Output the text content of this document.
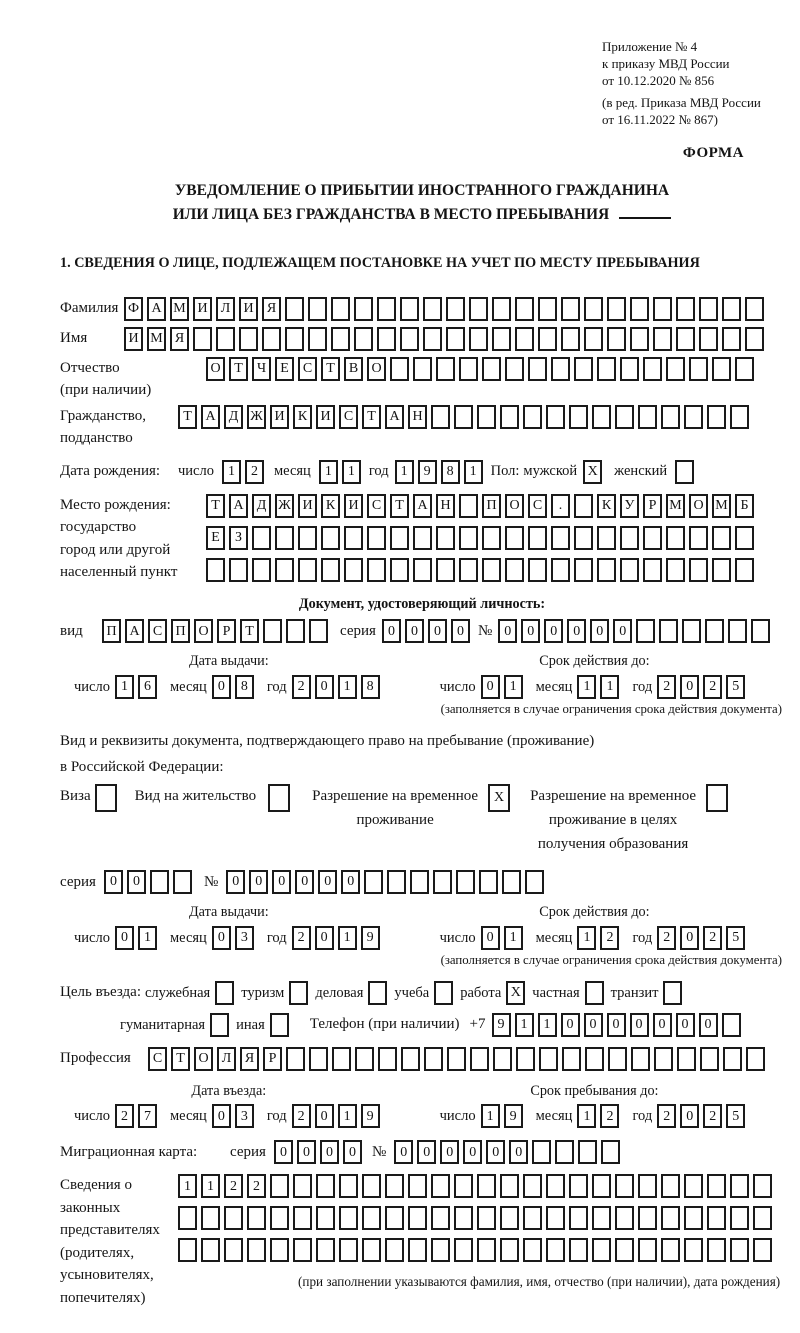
Приложение № 4
к приказу МВД России
от 10.12.2020 № 856
(в ред. Приказа МВД России
от 16.11.2022 № 867)
ФОРМА
УВЕДОМЛЕНИЕ О ПРИБЫТИИ ИНОСТРАННОГО ГРАЖДАНИНА
ИЛИ ЛИЦА БЕЗ ГРАЖДАНСТВА В МЕСТО ПРЕБЫВАНИЯ
1. СВЕДЕНИЯ О ЛИЦЕ, ПОДЛЕЖАЩЕМ ПОСТАНОВКЕ НА УЧЕТ ПО МЕСТУ ПРЕБЫВАНИЯ
Фамилия Ф А М И Л И Я
Имя	И М Я
Отчество
(при наличии)
О Т	Ч	Е	С	Т	В О
Гражданство,
подданство
Т А Д Ж И К И С	Т А Н
Дата рождения:	число	1	2	месяц	1	1 год 1	9	8	1 Пол: мужской X	женский
Место рождения:
государство
город или другой
населенный пункт
Т А Д Ж И К И С	Т А Н	П О С	.	К У	Р М О М Б

Е	З

Документ, удостоверяющий личность:
вид	П А С П О	Р	Т	серия 0	0	0	0 № 0	0	0	0	0	0
Дата выдачи:
число 1	6	месяц 0	8	год 2	0	1	8
Срок действия до:
число 0	1	месяц 1	1	год 2	0	2	5
(заполняется в случае ограничения срока действия документа)
Вид и реквизиты документа, подтверждающего право на пребывание (проживание)
в Российской Федерации:
Виза	Вид на жительство	Разрешение на временное
проживание
X	Разрешение на временное
проживание в целях
получения образования
серия	0	0	№	0	0	0	0	0	0
Дата выдачи:
число 0	1	месяц 0	3	год 2	0	1	9
Срок действия до:
число 0	1	месяц 1	2	год 2	0	2	5
(заполняется в случае ограничения срока действия документа)
Цель въезда: служебная туризм деловая учеба работа X частная транзит
гуманитарная иная	Телефон (при наличии) +7 9	1	1	0	0	0	0	0	0	0
Профессия	С	Т О Л Я	Р
Дата въезда:
число 2	7	месяц 0	3	год 2	0	1	9
Срок пребывания до:
число 1	9	месяц 1	2	год 2	0	2	5
Миграционная карта:	серия	0	0	0	0	№	0	0	0	0	0	0
Сведения о
законных
представителях
(родителях,
усыновителях,
попечителях)
1	1	2	2

(при заполнении указываются фамилия, имя, отчество (при наличии), дата рождения)
